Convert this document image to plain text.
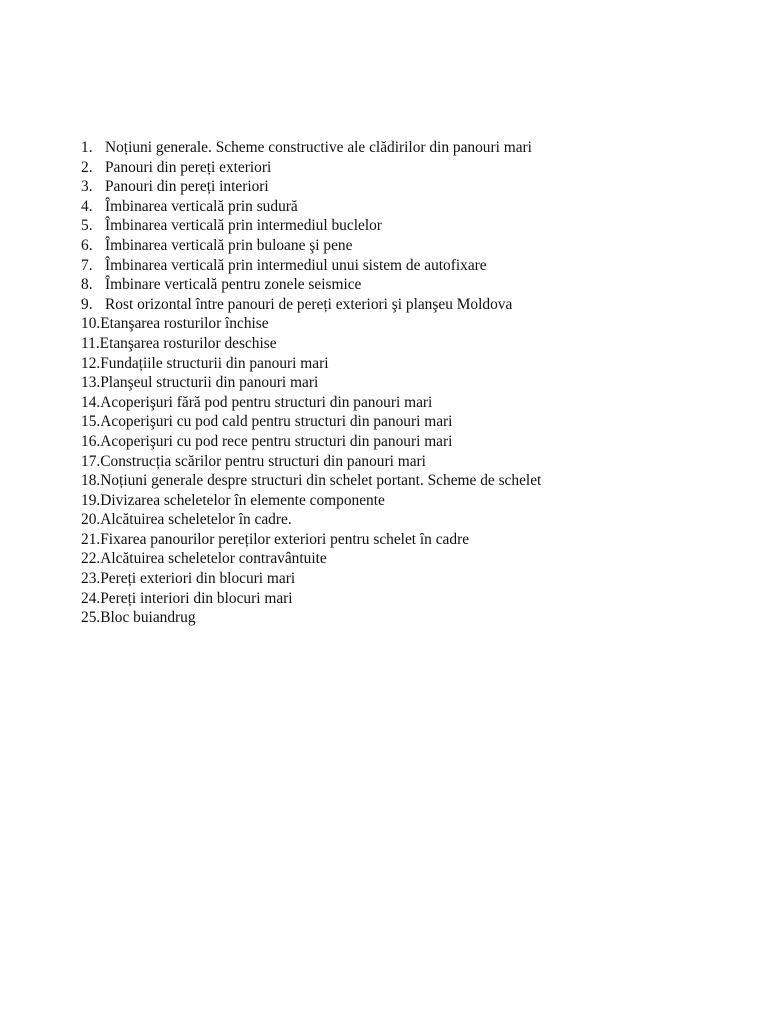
1. Noțiuni generale. Scheme constructive ale clădirilor din panouri mari
2. Panouri din pereți exteriori
3. Panouri din pereți interiori
4. Îmbinarea verticală prin sudură
5. Îmbinarea verticală prin intermediul buclelor
6. Îmbinarea verticală prin buloane şi pene
7. Îmbinarea verticală prin intermediul unui sistem de autofixare
8. Îmbinare verticală pentru zonele seismice
9. Rost orizontal între panouri de pereți exteriori şi planşeu Moldova
10.Etanşarea rosturilor închise
11.Etanşarea rosturilor deschise
12.Fundațiile structurii din panouri mari
13.Planşeul structurii din panouri mari
14.Acoperişuri fără pod pentru structuri din panouri mari
15.Acoperişuri cu pod cald pentru structuri din panouri mari
16.Acoperişuri cu pod rece pentru structuri din panouri mari
17.Construcția scărilor pentru structuri din panouri mari
18.Noțiuni generale despre structuri din schelet portant. Scheme de schelet
19.Divizarea scheletelor în elemente componente
20.Alcătuirea scheletelor în cadre.
21.Fixarea panourilor pereților exteriori pentru schelet în cadre
22.Alcătuirea scheletelor contravântuite
23.Pereți exteriori din blocuri mari
24.Pereți interiori din blocuri mari
25.Bloc buiandrug
